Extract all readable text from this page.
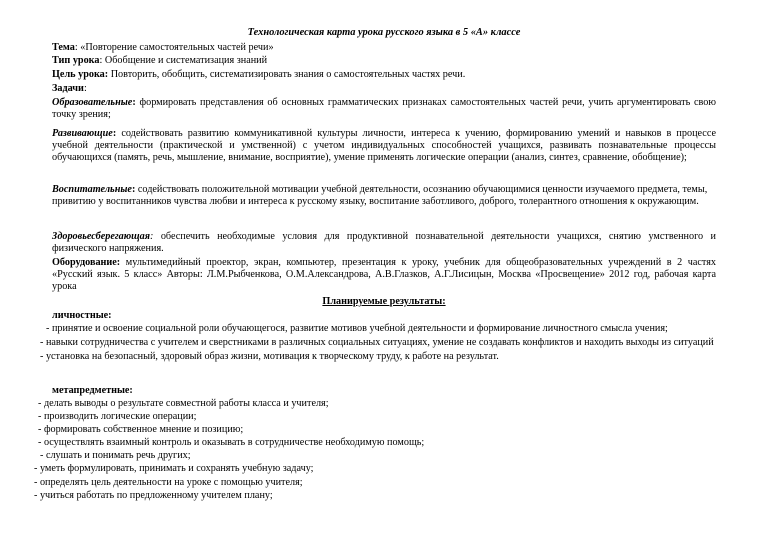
Технологическая карта урока русского языка в 5 «А» классе
Тема: «Повторение самостоятельных частей речи»
Тип урока: Обобщение и систематизация знаний
Цель урока: Повторить, обобщить, систематизировать знания о самостоятельных частях речи.
Задачи:
Образовательные: формировать представления об основных грамматических признаках самостоятельных частей речи, учить аргументировать свою точку зрения;
Развивающие: содействовать развитию коммуникативной культуры личности, интереса к учению, формированию умений и навыков в процессе учебной деятельности (практической и умственной) с учетом индивидуальных способностей учащихся, развивать познавательные процессы обучающихся (память, речь, мышление, внимание, восприятие), умение применять логические операции (анализ, синтез, сравнение, обобщение);
Воспитательные: содействовать положительной мотивации учебной деятельности, осознанию обучающимися ценности изучаемого предмета, темы, привитию у воспитанников чувства любви и интереса к русскому языку, воспитание заботливого, доброго, толерантного отношения к окружающим.
Здоровьесберегающая: обеспечить необходимые условия для продуктивной познавательной деятельности учащихся, снятию умственного и физического напряжения.
Оборудование: мультимедийный проектор, экран, компьютер, презентация к уроку, учебник для общеобразовательных учреждений в 2 частях «Русский язык. 5 класс» Авторы: Л.М.Рыбченкова, О.М.Александрова, А.В.Глазков, А.Г.Лисицын, Москва «Просвещение» 2012 год, рабочая карта урока
Планируемые результаты:
личностные:
- принятие и освоение социальной роли обучающегося, развитие мотивов учебной деятельности и формирование личностного смысла учения;
- навыки сотрудничества с учителем и сверстниками в различных социальных ситуациях, умение не создавать конфликтов и находить выходы из ситуаций
- установка на безопасный, здоровый образ жизни, мотивация к творческому труду, к работе на результат.
метапредметные:
- делать выводы о результате совместной работы класса и учителя;
- производить логические операции;
- формировать собственное мнение и позицию;
- осуществлять взаимный контроль и оказывать в сотрудничестве необходимую помощь;
- слушать и понимать речь других;
- уметь формулировать, принимать и сохранять учебную задачу;
- определять цель деятельности на уроке с помощью учителя;
- учиться работать по предложенному учителем плану;
